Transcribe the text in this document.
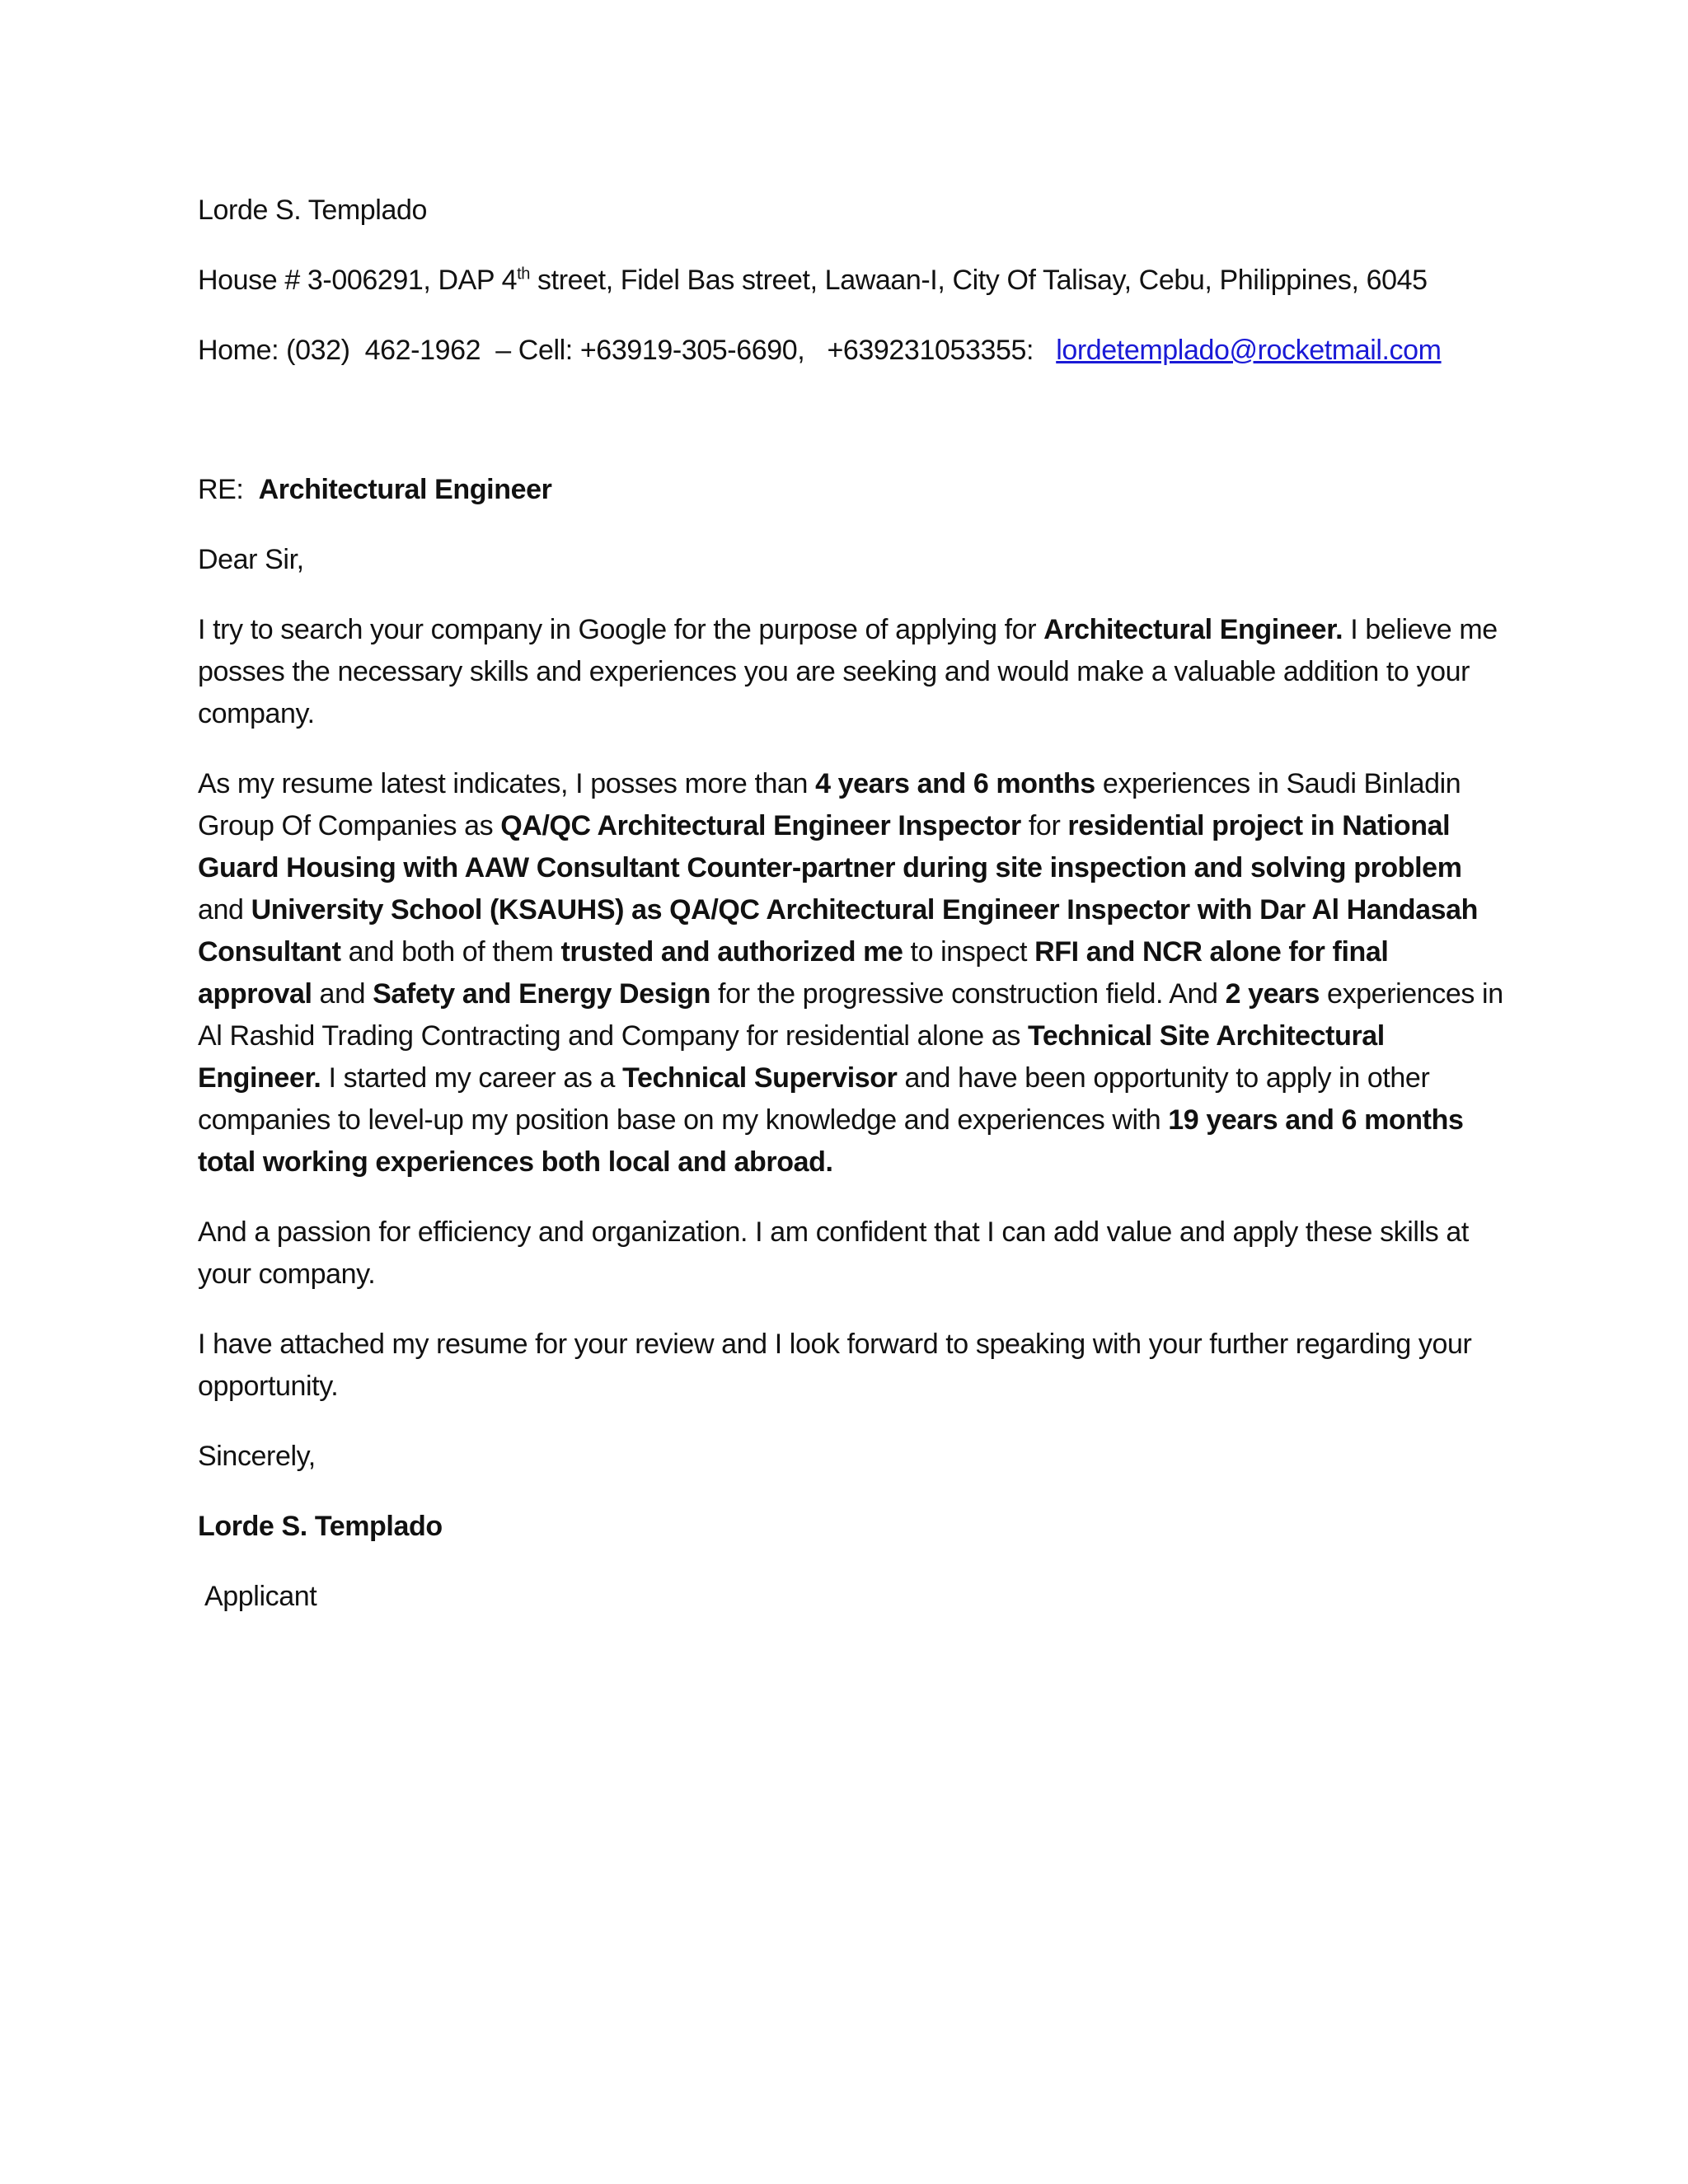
Lorde S. Templado
House # 3-006291, DAP 4th street, Fidel Bas street, Lawaan-I, City Of Talisay, Cebu, Philippines, 6045
Home: (032)  462-1962  – Cell: +63919-305-6690,   +639231053355:   lordetemplado@rocketmail.com
RE:  Architectural Engineer
Dear Sir,

I try to search your company in Google for the purpose of applying for Architectural Engineer. I believe me posses the necessary skills and experiences you are seeking and would make a valuable addition to your company.

As my resume latest indicates, I posses more than 4 years and 6 months experiences in Saudi Binladin Group Of Companies as QA/QC Architectural Engineer Inspector for residential project in National Guard Housing with AAW Consultant Counter-partner during site inspection and solving problem and University School (KSAUHS) as QA/QC Architectural Engineer Inspector with Dar Al Handasah Consultant and both of them trusted and authorized me to inspect RFI and NCR alone for final approval and Safety and Energy Design for the progressive construction field. And 2 years experiences in Al Rashid Trading Contracting and Company for residential alone as Technical Site Architectural Engineer. I started my career as a Technical Supervisor and have been opportunity to apply in other companies to level-up my position base on my knowledge and experiences with 19 years and 6 months total working experiences both local and abroad.

And a passion for efficiency and organization. I am confident that I can add value and apply these skills at your company.

I have attached my resume for your review and I look forward to speaking with your further regarding your opportunity.

Sincerely,
Lorde S. Templado
Applicant
